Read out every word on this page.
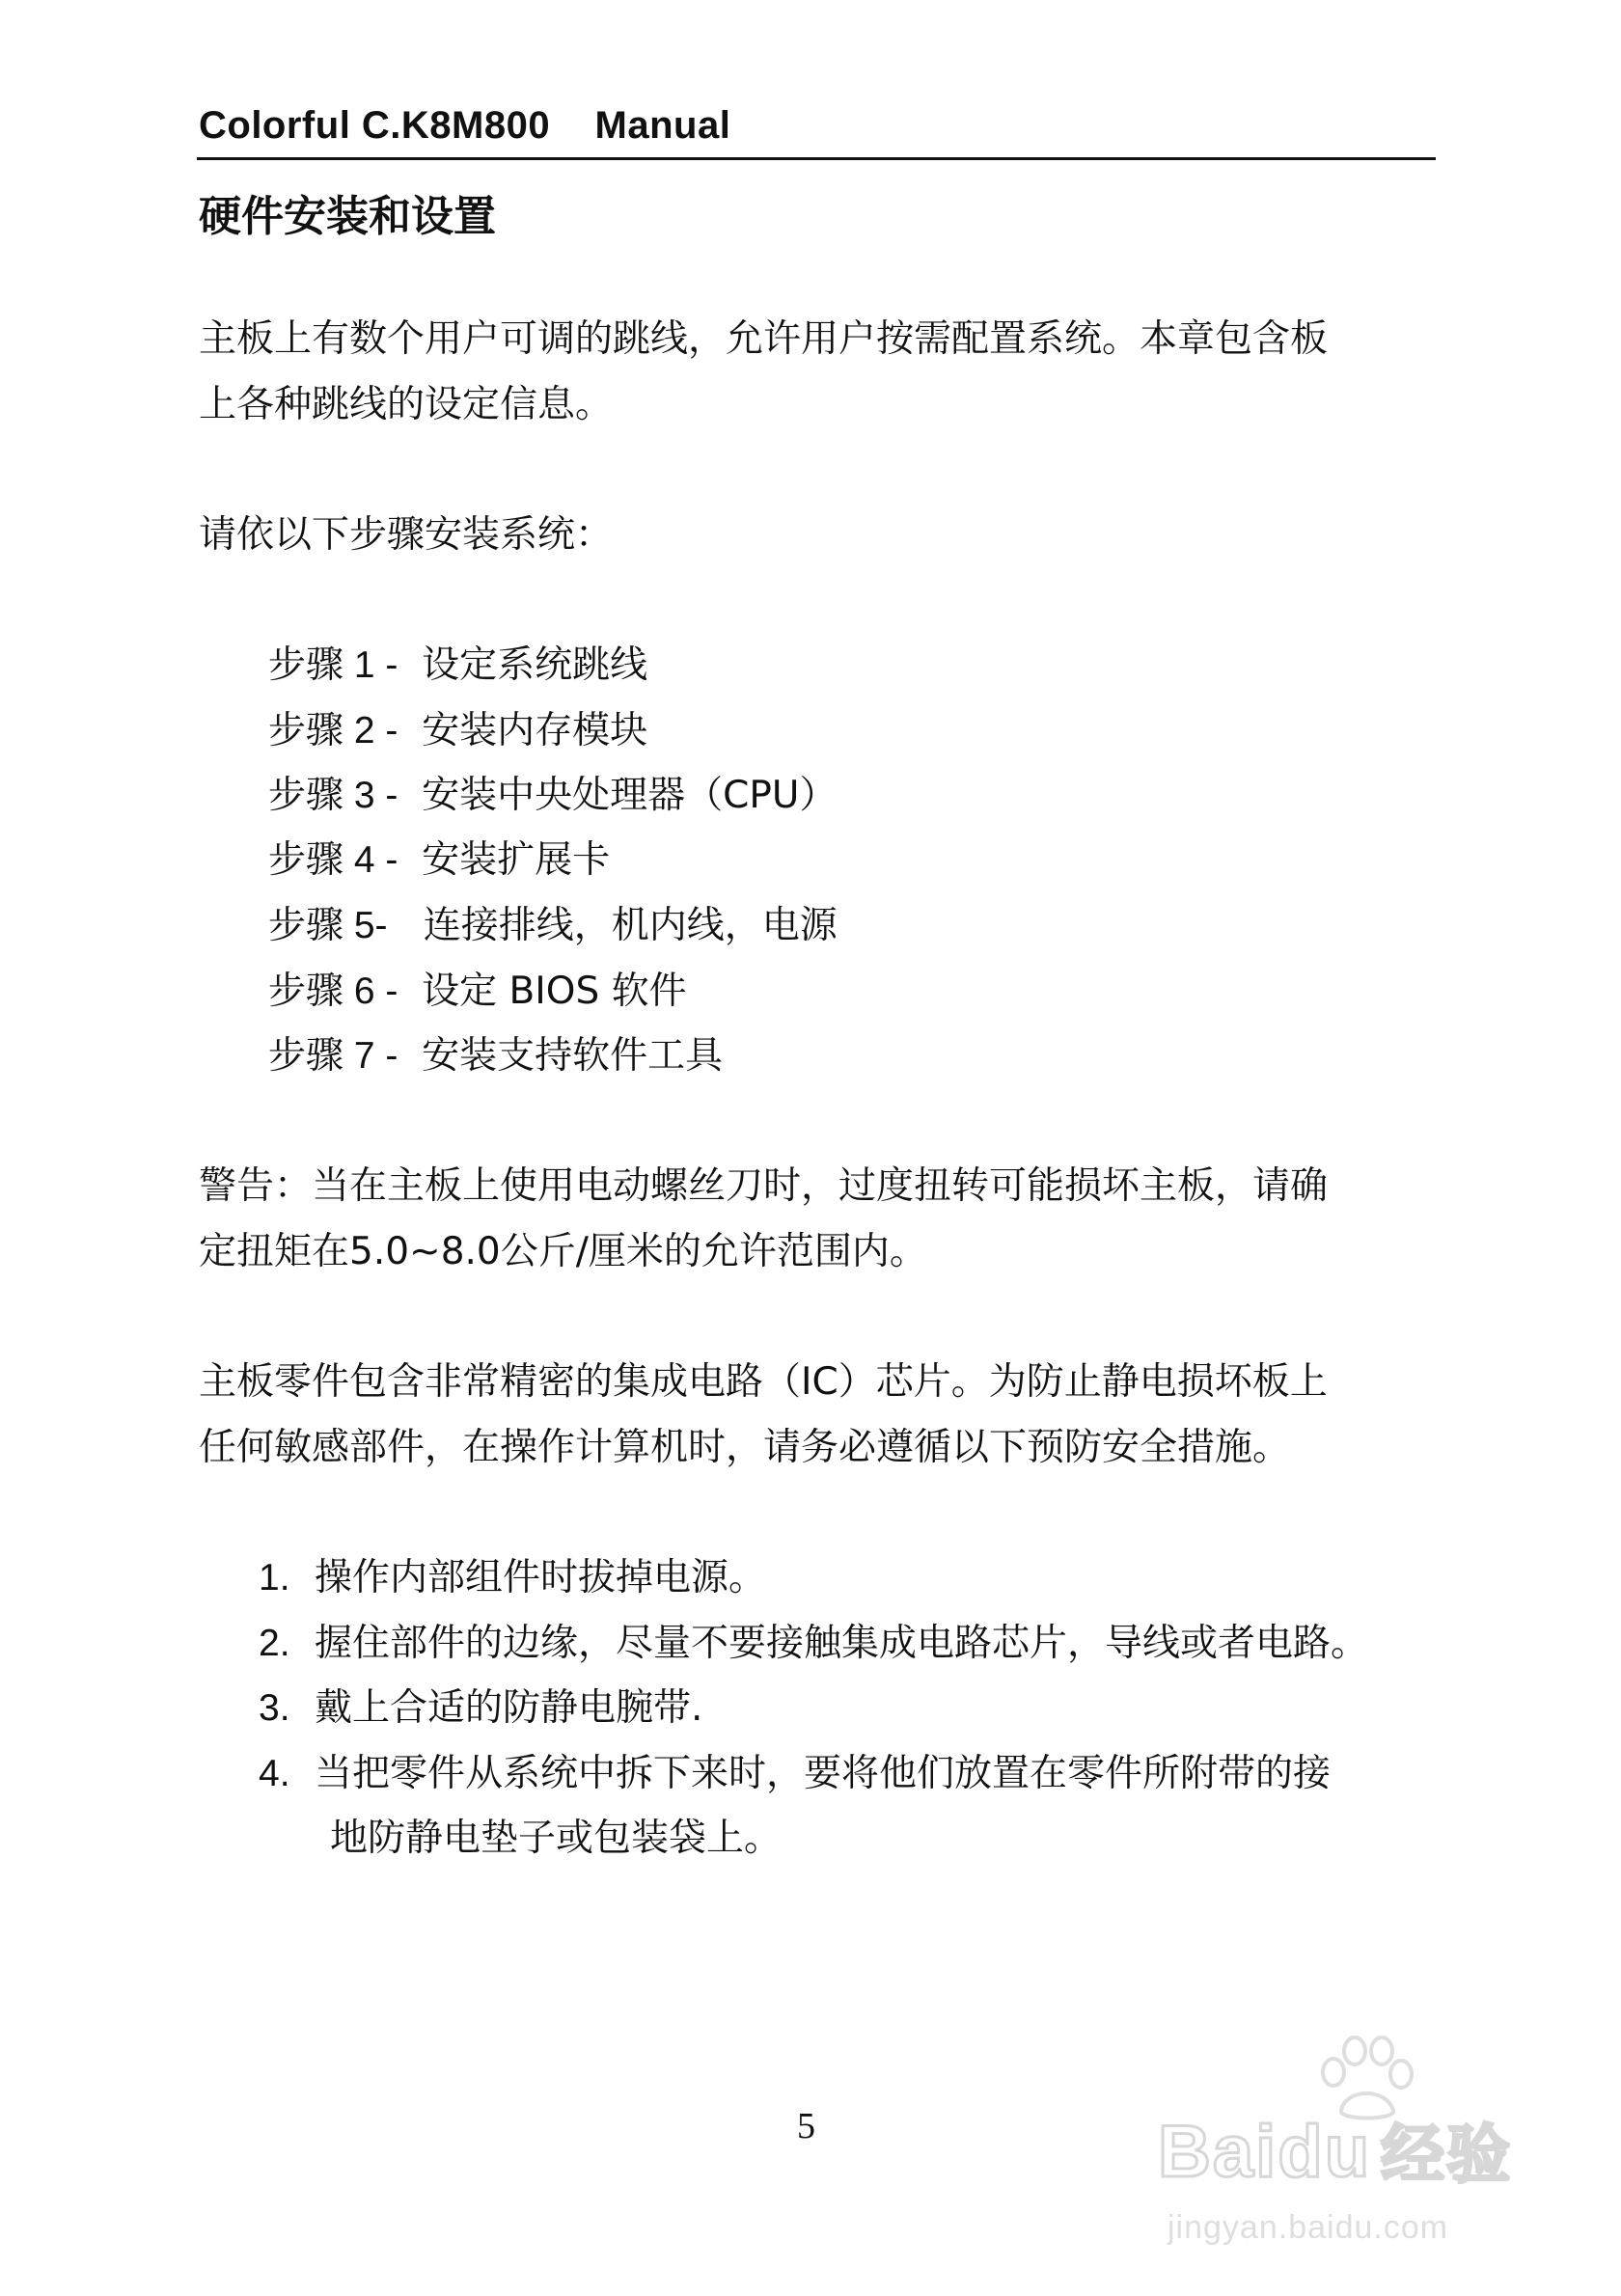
Colorful C.K8M800    Manual
硬件安装和设置
主板上有数个用户可调的跳线，允许用户按需配置系统。本章包含板
上各种跳线的设定信息。
请依以下步骤安装系统：
步骤 1 - 设定系统跳线
步骤 2 - 安装内存模块
步骤 3 - 安装中央处理器（CPU）
步骤 4 - 安装扩展卡
步骤 5-   连接排线，机内线，电源
步骤 6 - 设定 BIOS 软件
步骤 7 - 安装支持软件工具
警告：当在主板上使用电动螺丝刀时，过度扭转可能损坏主板，请确
定扭矩在5.0~8.0公斤/厘米的允许范围内。
主板零件包含非常精密的集成电路（IC）芯片。为防止静电损坏板上
任何敏感部件，在操作计算机时，请务必遵循以下预防安全措施。
1. 操作内部组件时拔掉电源。
2. 握住部件的边缘，尽量不要接触集成电路芯片，导线或者电路。
3. 戴上合适的防静电腕带.
4. 当把零件从系统中拆下来时，要将他们放置在零件所附带的接
地防静电垫子或包装袋上。
5	Baidu 经验
jingyan.baidu.com
